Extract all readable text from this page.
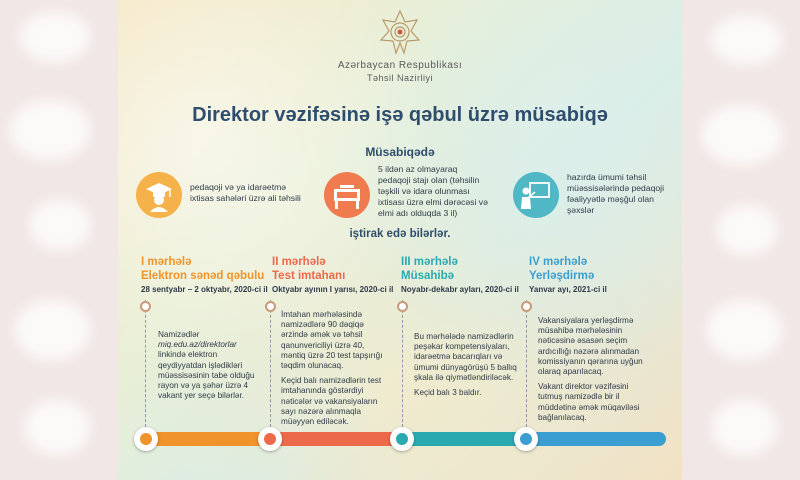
Azərbaycan Respublikası
Təhsil Nazirliyi
Direktor vəzifəsinə işə qəbul üzrə müsabiqə
Müsabiqədə
pedaqoji və ya idarəetmə
ixtisas sahələri üzrə ali təhsili
5 ildən az olmayaraq
pedaqoji stajı olan (təhsilin
təşkili və idarə olunması
ixtisası üzrə elmi dərəcəsi və
elmi adı olduqda 3 il)
hazırda ümumi təhsil
müəssisələrində pedaqoji
fəaliyyətlə məşğul olan
şəxslər
iştirak edə bilərlər.
I mərhələ
Elektron sənəd qəbulu
28 sentyabr – 2 oktyabr, 2020-ci il

Namizədlər
miq.edu.az/direktorlar
linkində elektron
qeydiyyatdan işlədikləri
müəssisəsinin tabe olduğu
rayon və ya şəhər üzrə 4
vakant yer seçə bilərlər.

II mərhələ
Test imtahanı
Oktyabr ayının I yarısı, 2020-ci il

İmtahan mərhələsində
namizədlərə 90 dəqiqə
ərzində əmək və təhsil
qanunvericiliyi üzrə 40,
məntiq üzrə 20 test tapşırığı
təqdim olunacaq.

Keçid balı namizədlərin test
imtahanında göstərdiyi
nəticələr və vakansiyaların
sayı nəzərə alınmaqla
müəyyən ediləcək.

III mərhələ
Müsahibə
Noyabr-dekabr ayları, 2020-ci il

Bu mərhələdə namizədlərin
peşəkar kompetensiyaları,
idarəetmə bacarıqları və
ümumi dünyagörüşü 5 ballıq
şkala ilə qiymətləndiriləcək.

Keçid balı 3 baldır.

IV mərhələ
Yerləşdirmə
Yanvar ayı, 2021-ci il

Vakansiyalara yerləşdirmə
müsahibə mərhələsinin
nəticəsinə əsasən seçim
ardıcıllığı nəzərə alınmadan
komissiyanın qərarına uyğun
olaraq aparılacaq.

Vakant direktor vəzifəsini
tutmuş namizədlə bir il
müddətinə əmək müqaviləsi
bağlanılacaq.
